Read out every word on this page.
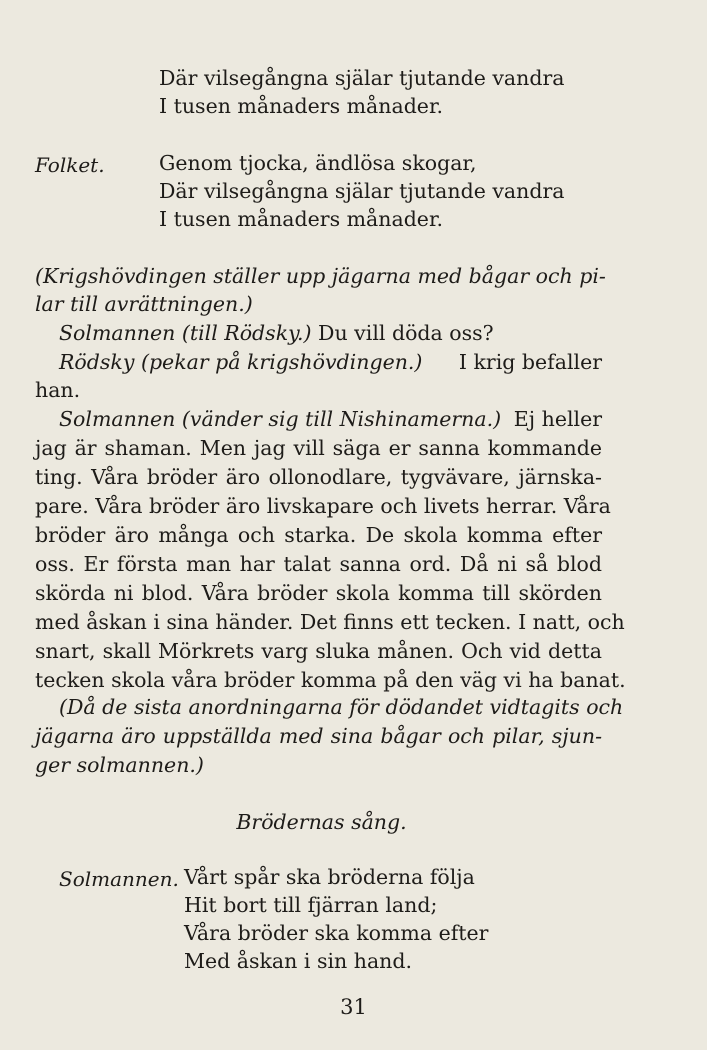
Där vilsegångna själar tjutande vandra
I tusen månaders månader.
Folket.	Genom tjocka, ändlösa skogar,
Där vilsegångna själar tjutande vandra
I tusen månaders månader.
(Krigshövdingen ställer upp jägarna med bågar och pi-
lar till avrättningen.)
Solmannen (till Rödsky.) Du vill döda oss?
Rödsky (pekar på krigshövdingen.) I krig befaller
han.
Solmannen (vänder sig till Nishinamerna.) Ej heller
jag är shaman. Men jag vill säga er sanna kommande
ting. Våra bröder äro ollonodlare, tygvävare, järnska-
pare. Våra bröder äro livskapare och livets herrar. Våra
bröder äro många och starka. De skola komma efter
oss. Er första man har talat sanna ord. Då ni så blod
skörda ni blod. Våra bröder skola komma till skörden
med åskan i sina händer. Det finns ett tecken. I natt, och
snart, skall Mörkrets varg sluka månen. Och vid detta
tecken skola våra bröder komma på den väg vi ha banat.
(Då de sista anordningarna för dödandet vidtagits och
jägarna äro uppställda med sina bågar och pilar, sjun-
ger solmannen.)
Brödernas sång.
Solmannen. Vårt spår ska bröderna följa
Hit bort till fjärran land;
Våra bröder ska komma efter
Med åskan i sin hand.
31
